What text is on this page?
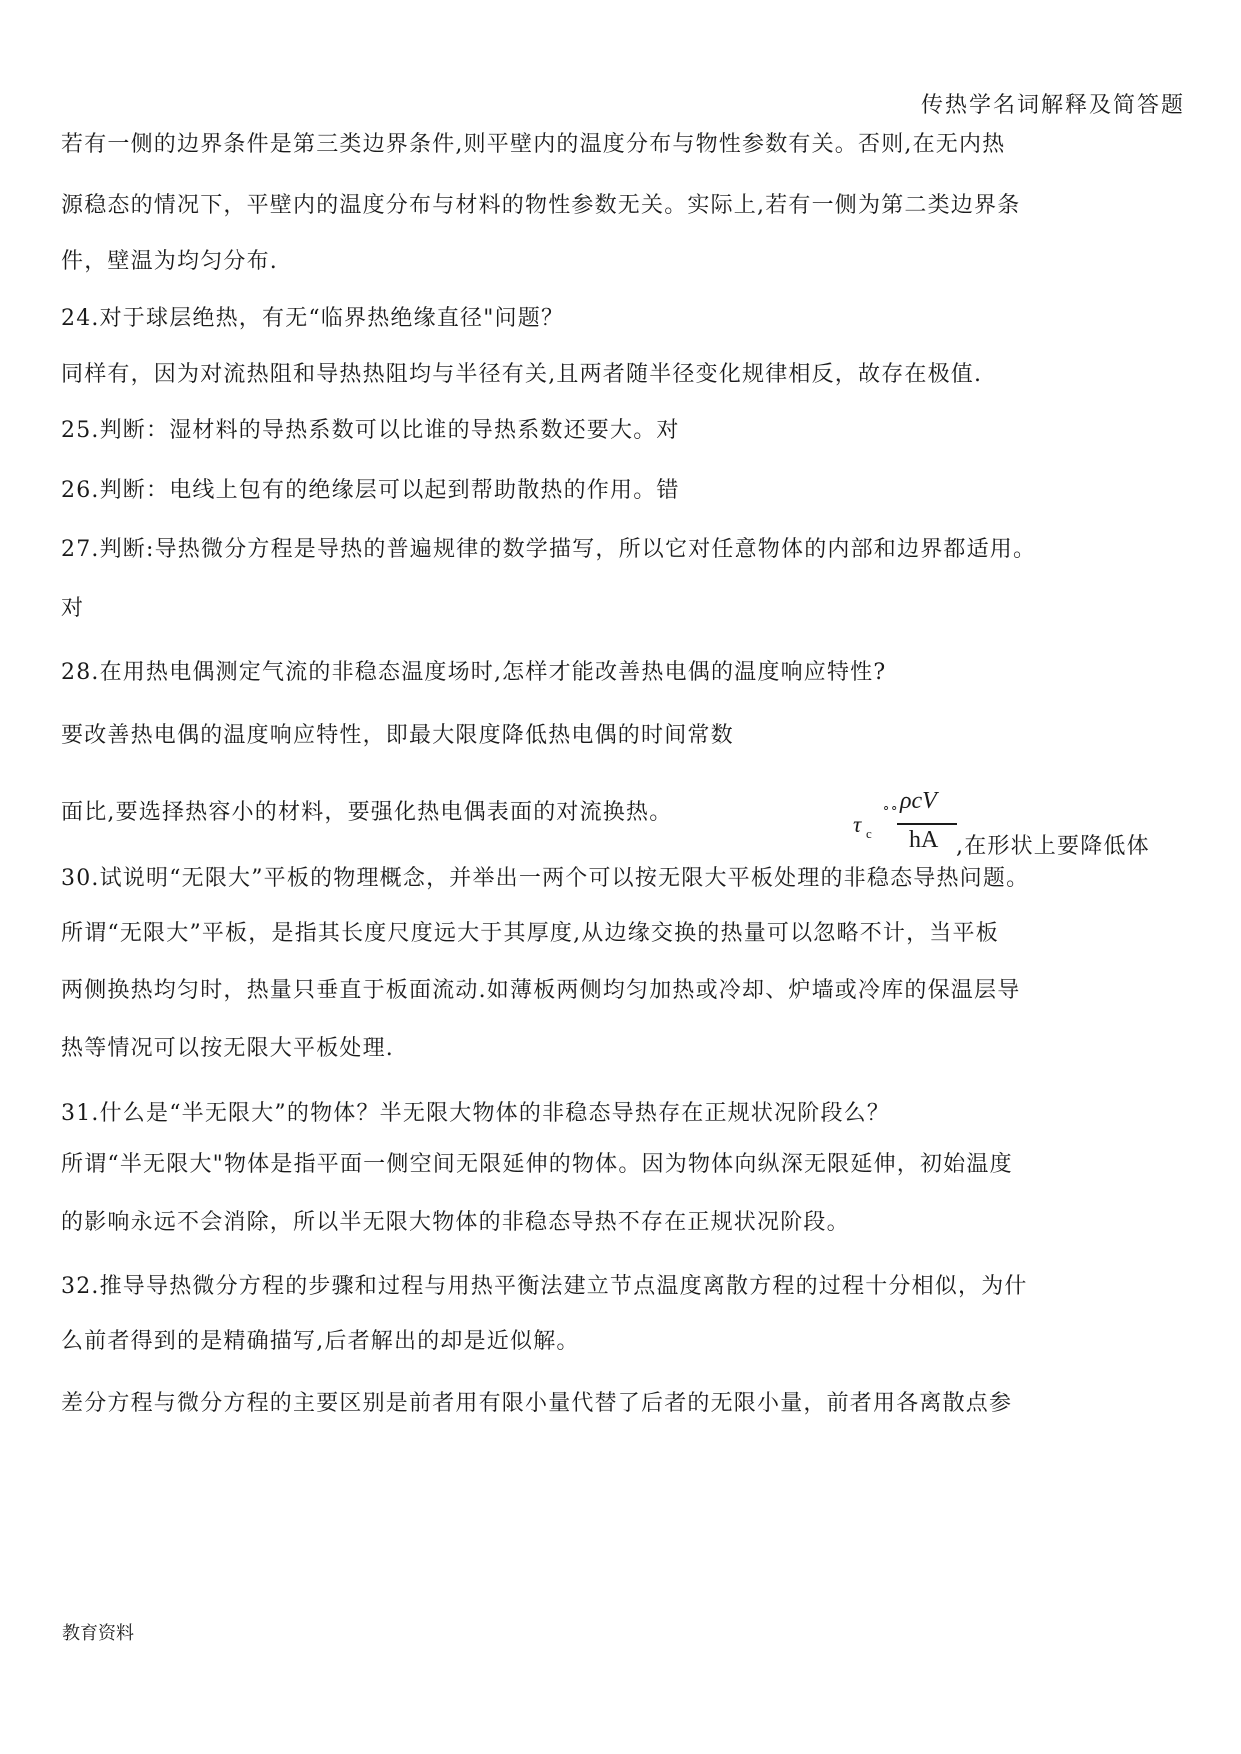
传热学名词解释及简答题
若有一侧的边界条件是第三类边界条件,则平壁内的温度分布与物性参数有关。否则,在无内热
源稳态的情况下，平壁内的温度分布与材料的物性参数无关。实际上,若有一侧为第二类边界条
件，壁温为均匀分布.
24.对于球层绝热，有无“临界热绝缘直径"问题？
同样有，因为对流热阻和导热热阻均与半径有关,且两者随半径变化规律相反，故存在极值.
25.判断：湿材料的导热系数可以比谁的导热系数还要大。对
26.判断：电线上包有的绝缘层可以起到帮助散热的作用。错
27.判断:导热微分方程是导热的普遍规律的数学描写，所以它对任意物体的内部和边界都适用。
对
28.在用热电偶测定气流的非稳态温度场时,怎样才能改善热电偶的温度响应特性?
要改善热电偶的温度响应特性，即最大限度降低热电偶的时间常数
τ c
∘∘ ρcV
hA ,在形状上要降低体
面比,要选择热容小的材料，要强化热电偶表面的对流换热。
30.试说明“无限大”平板的物理概念，并举出一两个可以按无限大平板处理的非稳态导热问题。
所谓“无限大”平板，是指其长度尺度远大于其厚度,从边缘交换的热量可以忽略不计，当平板
两侧换热均匀时，热量只垂直于板面流动.如薄板两侧均匀加热或冷却、炉墙或冷库的保温层导
热等情况可以按无限大平板处理.
31.什么是“半无限大”的物体？半无限大物体的非稳态导热存在正规状况阶段么？
所谓“半无限大"物体是指平面一侧空间无限延伸的物体。因为物体向纵深无限延伸，初始温度
的影响永远不会消除，所以半无限大物体的非稳态导热不存在正规状况阶段。
32.推导导热微分方程的步骤和过程与用热平衡法建立节点温度离散方程的过程十分相似，为什
么前者得到的是精确描写,后者解出的却是近似解。
差分方程与微分方程的主要区别是前者用有限小量代替了后者的无限小量，前者用各离散点参
教育资料
